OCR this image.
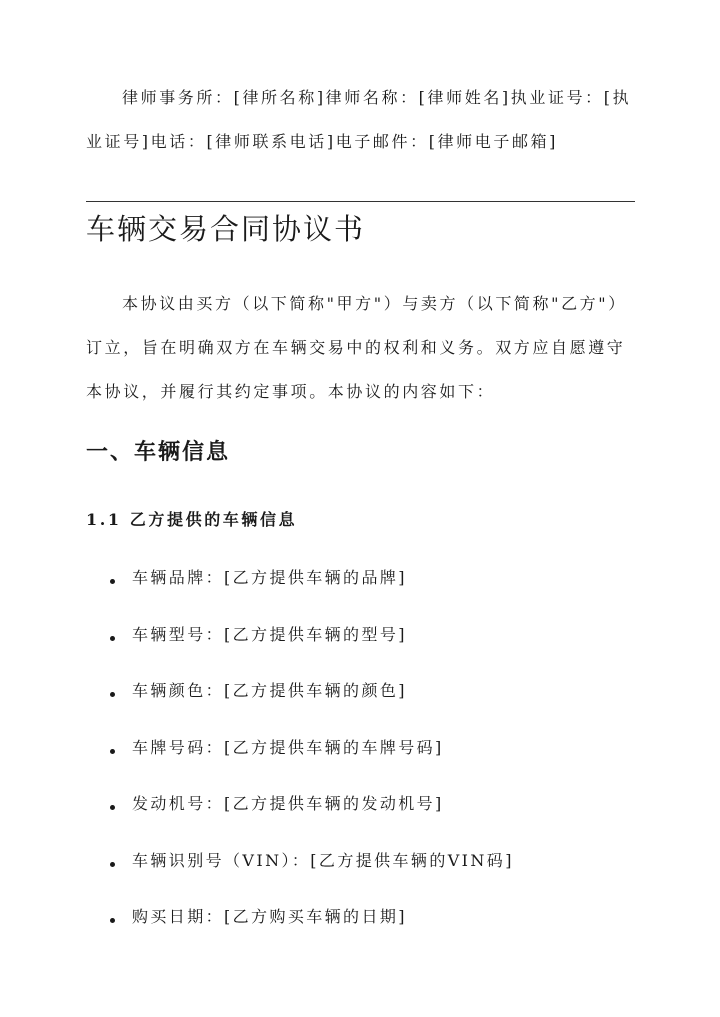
律师事务所：[律所名称]律师名称：[律师姓名]执业证号：[执业证号]电话：[律师联系电话]电子邮件：[律师电子邮箱]

车辆交易合同协议书

本协议由买方（以下简称"甲方"）与卖方（以下简称"乙方"）订立，旨在明确双方在车辆交易中的权利和义务。双方应自愿遵守本协议，并履行其约定事项。本协议的内容如下：

一、车辆信息
1.1 乙方提供的车辆信息
车辆品牌：[乙方提供车辆的品牌]
车辆型号：[乙方提供车辆的型号]
车辆颜色：[乙方提供车辆的颜色]
车牌号码：[乙方提供车辆的车牌号码]
发动机号：[乙方提供车辆的发动机号]
车辆识别号（VIN）：[乙方提供车辆的VIN码]
购买日期：[乙方购买车辆的日期]
